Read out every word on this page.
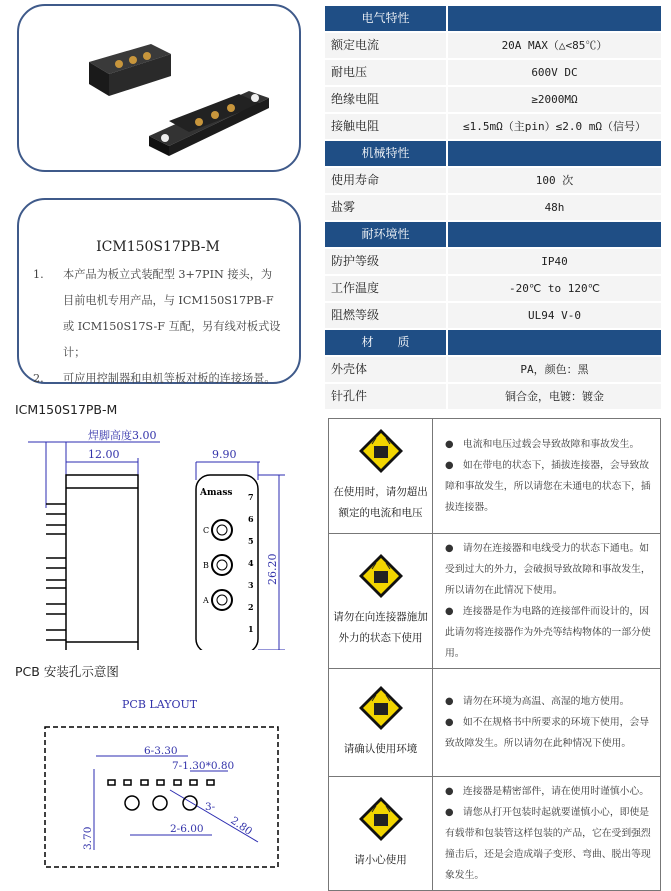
ICM150S17PB-M
1.	本产品为板立式装配型 3+7PIN 接头，为目前电机专用产品，与 ICM150S17PB-F 或 ICM150S17S-F 互配，另有线对板式设计；
2.	可应用控制器和电机等板对板的连接场景。
电气特性
额定电流	20A MAX（△<85℃）
耐电压	600V DC
绝缘电阻	≥2000MΩ
接触电阻	≤1.5mΩ（主pin）≤2.0 mΩ（信号）
机械特性
使用寿命	100 次
盐雾	48h
耐环境性
防护等级	IP40
工作温度	-20℃ to 120℃
阻燃等级	UL94 V-0
材　　质
外壳体	PA，颜色：黑
针孔件	铜合金，电镀：镀金
ICM150S17PB-M
焊脚高度3.00
12.00	9.90
26.20
Amass
C
B
A
7
6
5
4
3
2
1
PCB 安装孔示意图
PCB LAYOUT
6-3.30
7-1.30*0.80
3-
2.80
2-6.00
3.70
在使用时，请勿超出额定的电流和电压	● 电流和电压过载会导致故障和事故发生。
● 如在带电的状态下，插拔连接器，会导致故障和事故发生，所以请您在未通电的状态下，插拔连接器。

请勿在向连接器施加外力的状态下使用	● 请勿在连接器和电线受力的状态下通电。如受到过大的外力，会破损导致故障和事故发生，所以请勿在此情况下使用。
● 连接器是作为电路的连接部件而设计的，因此请勿将连接器作为外壳等结构物体的一部分使用。

请确认使用环境	● 请勿在环境为高温、高湿的地方使用。
● 如不在规格书中所要求的环境下使用，会导致故障发生。所以请勿在此种情况下使用。

请小心使用	● 连接器是精密部件，请在使用时谨慎小心。
● 请您从打开包装时起就要谨慎小心，即使是有载带和包装管这样包装的产品，它在受到强烈撞击后，还是会造成端子变形、弯曲、脱出等现象发生。
